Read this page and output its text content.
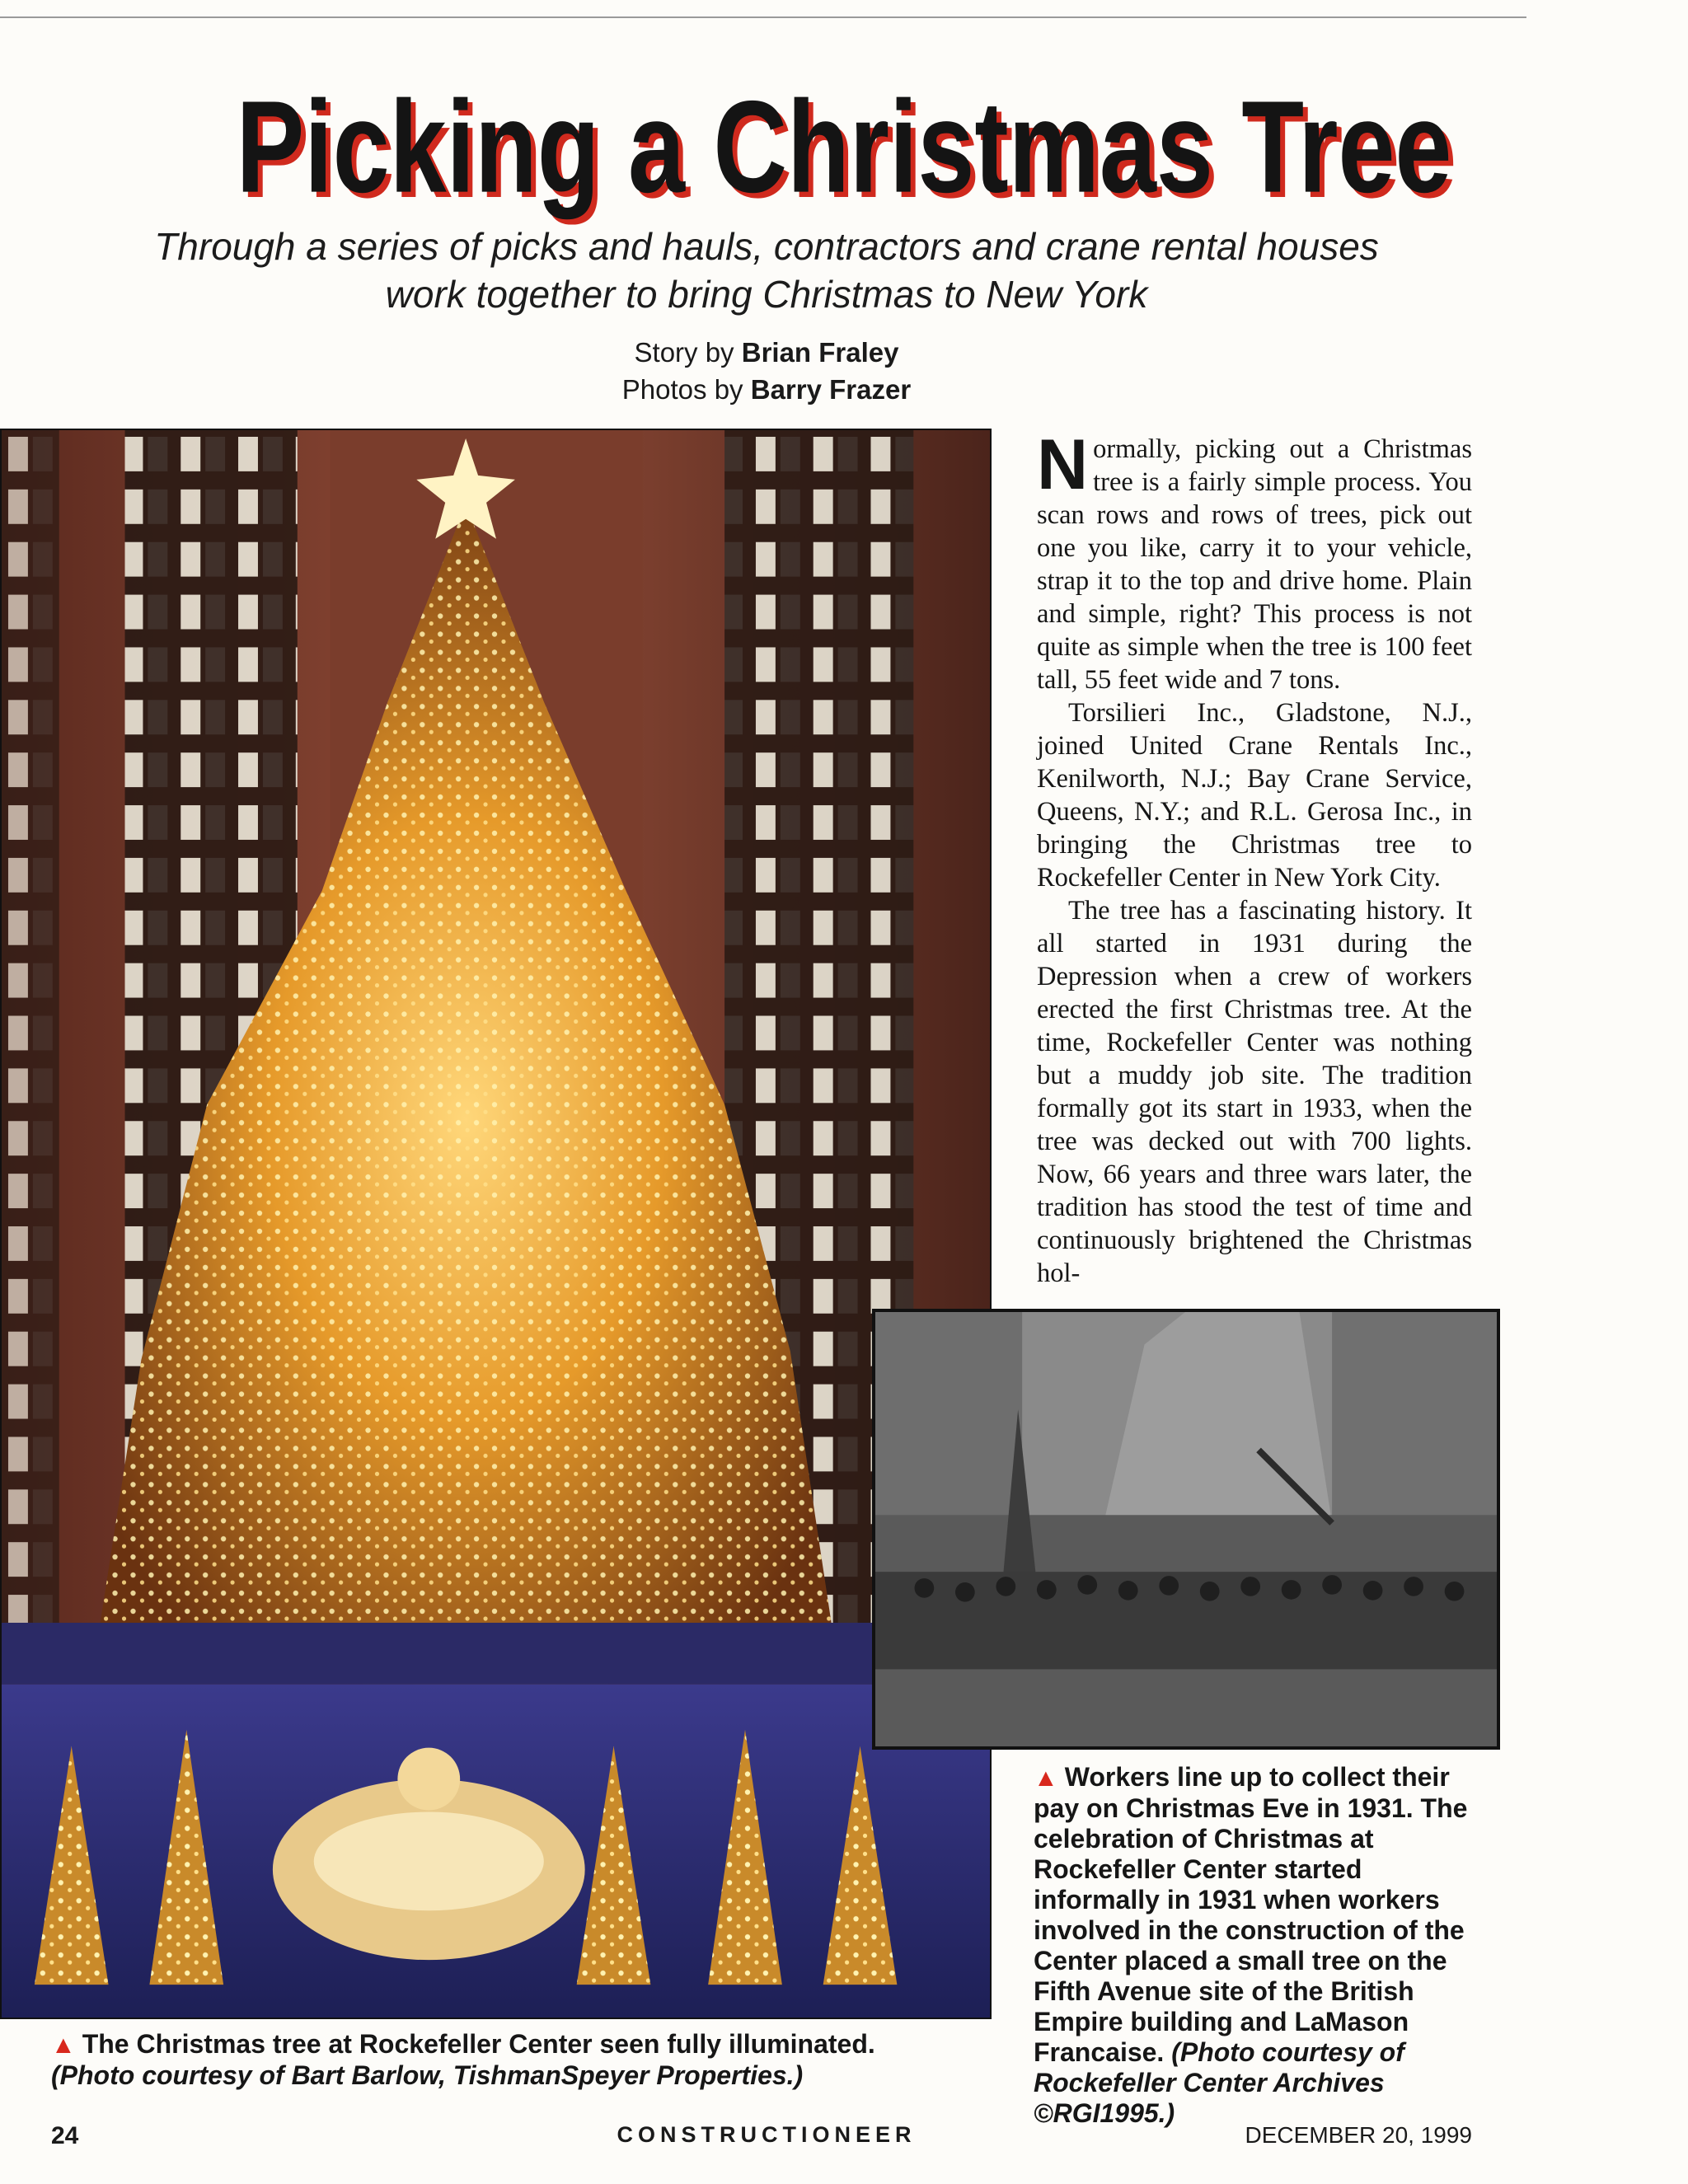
Picking a Christmas Tree
Through a series of picks and hauls, contractors and crane rental houses
work together to bring Christmas to New York
Story by Brian Fraley
Photos by Barry Frazer

Normally, picking out a Christmas tree is a fairly simple process. You scan rows and rows of trees, pick out one you like, carry it to your vehicle, strap it to the top and drive home. Plain and simple, right? This process is not quite as simple when the tree is 100 feet tall, 55 feet wide and 7 tons.

Torsilieri Inc., Gladstone, N.J., joined United Crane Rentals Inc., Kenilworth, N.J.; Bay Crane Service, Queens, N.Y.; and R.L. Gerosa Inc., in bringing the Christmas tree to Rockefeller Center in New York City.

The tree has a fascinating history. It all started in 1931 during the Depression when a crew of workers erected the first Christmas tree. At the time, Rockefeller Center was nothing but a muddy job site. The tradition formally got its start in 1933, when the tree was decked out with 700 lights. Now, 66 years and three wars later, the tradition has stood the test of time and continuously brightened the Christmas hol-

▲ Workers line up to collect their pay on Christmas Eve in 1931. The celebration of Christmas at Rockefeller Center started informally in 1931 when workers involved in the construction of the Center placed a small tree on the Fifth Avenue site of the British Empire building and LaMason Francaise. (Photo courtesy of Rockefeller Center Archives ©RGI1995.)
▲ The Christmas tree at Rockefeller Center seen fully illuminated.
(Photo courtesy of Bart Barlow, TishmanSpeyer Properties.)
24	CONSTRUCTIONEER	DECEMBER 20, 1999
